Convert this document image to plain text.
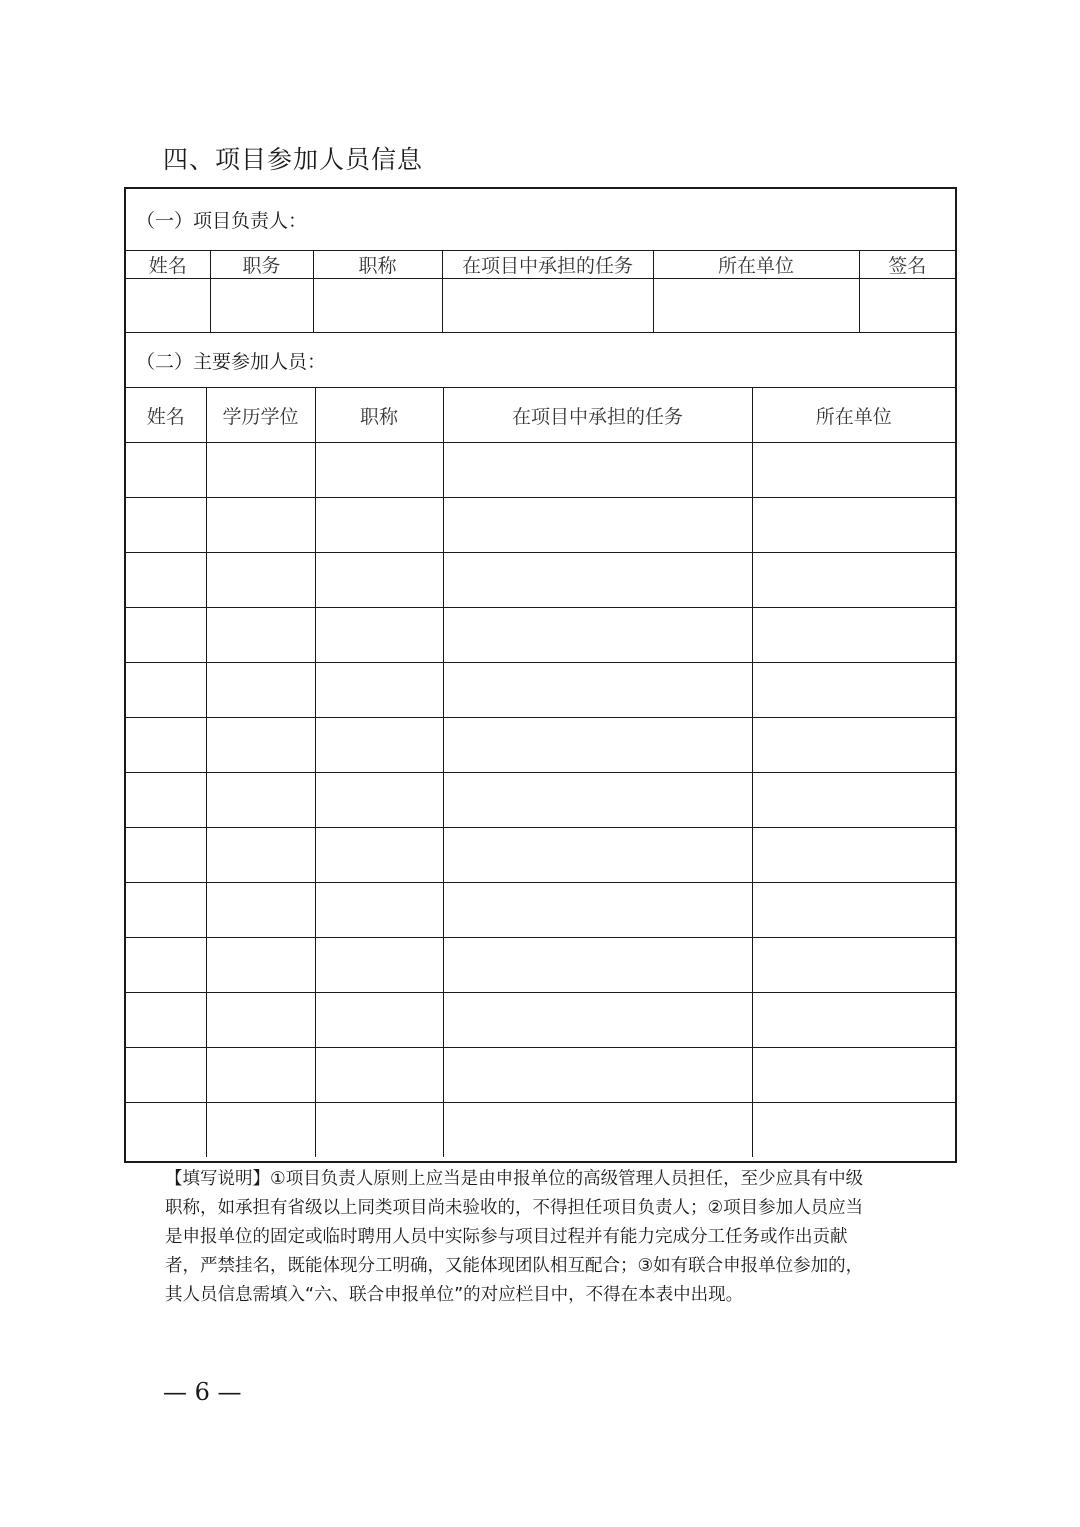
四、项目参加人员信息
（一）项目负责人：
姓名	职务	职称	在项目中承担的任务	所在单位	签名

（二）主要参加人员：
姓名	学历学位	职称	在项目中承担的任务	所在单位

【填写说明】①项目负责人原则上应当是由申报单位的高级管理人员担任，至少应具有中级
职称，如承担有省级以上同类项目尚未验收的，不得担任项目负责人；②项目参加人员应当
是申报单位的固定或临时聘用人员中实际参与项目过程并有能力完成分工任务或作出贡献
者，严禁挂名，既能体现分工明确，又能体现团队相互配合；③如有联合申报单位参加的，
其人员信息需填入“六、联合申报单位”的对应栏目中，不得在本表中出现。
— 6 —
